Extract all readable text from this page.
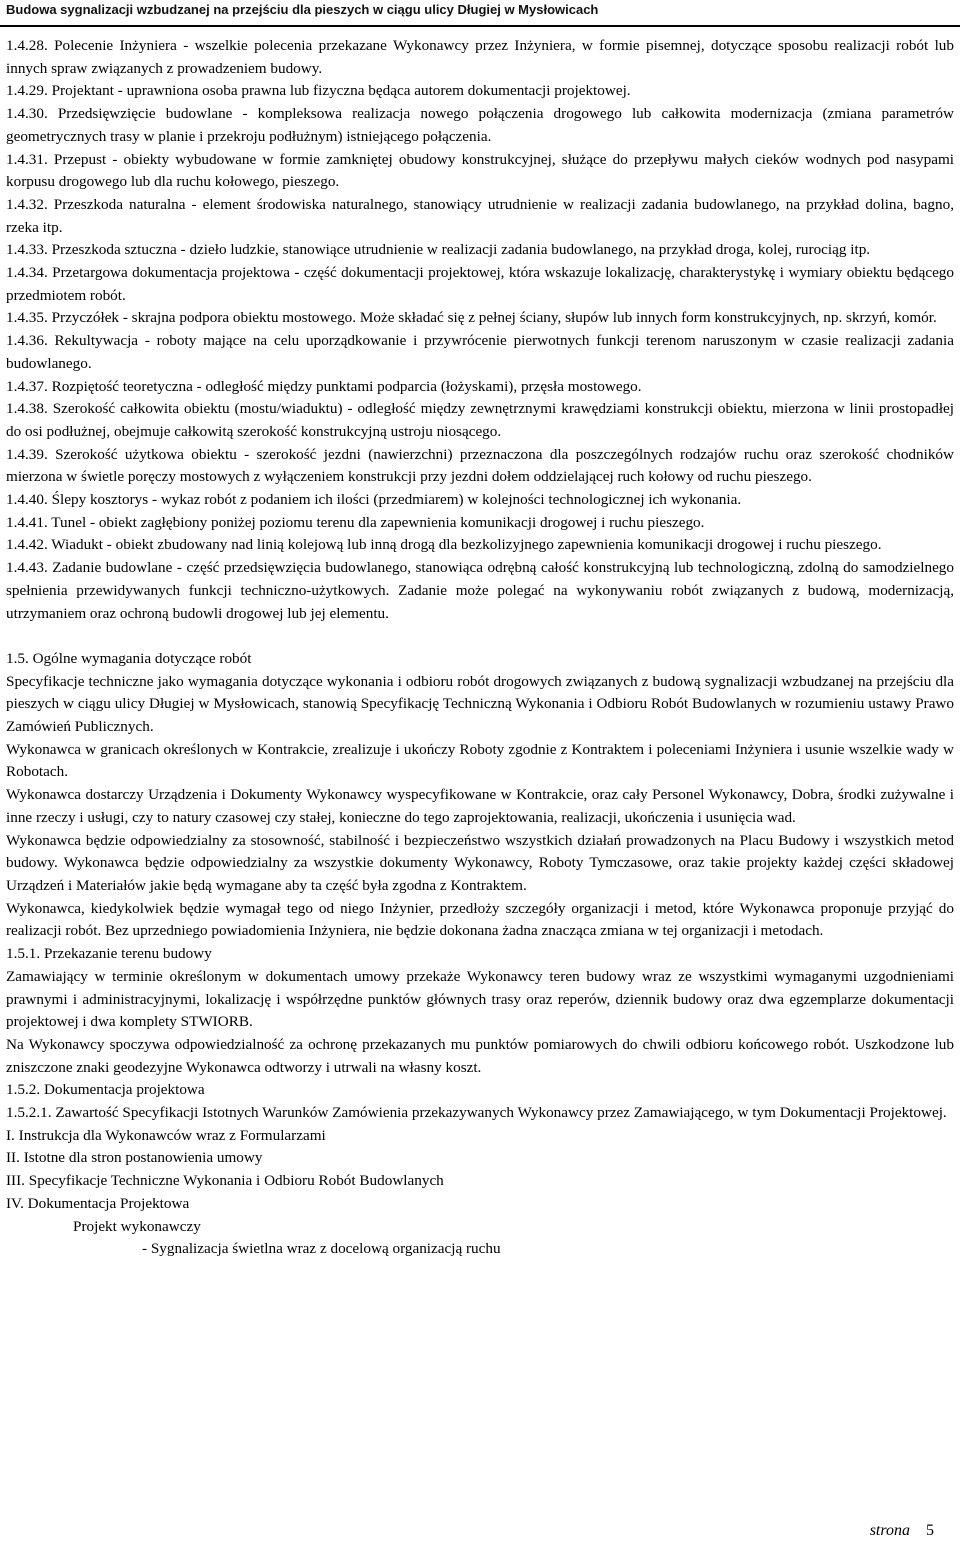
Budowa sygnalizacji wzbudzanej na przejściu dla pieszych w ciągu ulicy Długiej w Mysłowicach

1.4.28. Polecenie Inżyniera - wszelkie polecenia przekazane Wykonawcy przez Inżyniera, w formie pisemnej, dotyczące sposobu realizacji robót lub innych spraw związanych z prowadzeniem budowy.

1.4.29. Projektant - uprawniona osoba prawna lub fizyczna będąca autorem dokumentacji projektowej.

1.4.30. Przedsięwzięcie budowlane - kompleksowa realizacja nowego połączenia drogowego lub całkowita modernizacja (zmiana parametrów geometrycznych trasy w planie i przekroju podłużnym) istniejącego połączenia.

1.4.31. Przepust - obiekty wybudowane w formie zamkniętej obudowy konstrukcyjnej, służące do przepływu małych cieków wodnych pod nasypami korpusu drogowego lub dla ruchu kołowego, pieszego.

1.4.32. Przeszkoda naturalna - element środowiska naturalnego, stanowiący utrudnienie w realizacji zadania budowlanego, na przykład dolina, bagno, rzeka itp.

1.4.33. Przeszkoda sztuczna - dzieło ludzkie, stanowiące utrudnienie w realizacji zadania budowlanego, na przykład droga, kolej, rurociąg itp.

1.4.34. Przetargowa dokumentacja projektowa - część dokumentacji projektowej, która wskazuje lokalizację, charakterystykę i wymiary obiektu będącego przedmiotem robót.

1.4.35. Przyczółek - skrajna podpora obiektu mostowego. Może składać się z pełnej ściany, słupów lub innych form konstrukcyjnych, np. skrzyń, komór.

1.4.36. Rekultywacja - roboty mające na celu uporządkowanie i przywrócenie pierwotnych funkcji terenom naruszonym w czasie realizacji zadania budowlanego.

1.4.37. Rozpiętość teoretyczna - odległość między punktami podparcia (łożyskami), przęsła mostowego.

1.4.38. Szerokość całkowita obiektu (mostu/wiaduktu) - odległość między zewnętrznymi krawędziami konstrukcji obiektu, mierzona w linii prostopadłej do osi podłużnej, obejmuje całkowitą szerokość konstrukcyjną ustroju niosącego.

1.4.39. Szerokość użytkowa obiektu - szerokość jezdni (nawierzchni) przeznaczona dla poszczególnych rodzajów ruchu oraz szerokość chodników mierzona w świetle poręczy mostowych z wyłączeniem konstrukcji przy jezdni dołem oddzielającej ruch kołowy od ruchu pieszego.

1.4.40. Ślepy kosztorys - wykaz robót z podaniem ich ilości (przedmiarem) w kolejności technologicznej ich wykonania.

1.4.41. Tunel - obiekt zagłębiony poniżej poziomu terenu dla zapewnienia komunikacji drogowej i ruchu pieszego.

1.4.42. Wiadukt - obiekt zbudowany nad linią kolejową lub inną drogą dla bezkolizyjnego zapewnienia komunikacji drogowej i ruchu pieszego.

1.4.43. Zadanie budowlane - część przedsięwzięcia budowlanego, stanowiąca odrębną całość konstrukcyjną lub technologiczną, zdolną do samodzielnego spełnienia przewidywanych funkcji techniczno-użytkowych. Zadanie może polegać na wykonywaniu robót związanych z budową, modernizacją, utrzymaniem oraz ochroną budowli drogowej lub jej elementu.

1.5. Ogólne wymagania dotyczące robót

Specyfikacje techniczne jako wymagania dotyczące wykonania i odbioru robót drogowych związanych z budową sygnalizacji wzbudzanej na przejściu dla pieszych w ciągu ulicy Długiej w Mysłowicach, stanowią Specyfikację Techniczną Wykonania i Odbioru Robót Budowlanych w rozumieniu ustawy Prawo Zamówień Publicznych.

Wykonawca w granicach określonych w Kontrakcie, zrealizuje i ukończy Roboty zgodnie z Kontraktem i poleceniami Inżyniera i usunie wszelkie wady w Robotach.

Wykonawca dostarczy Urządzenia i Dokumenty Wykonawcy wyspecyfikowane w Kontrakcie, oraz cały Personel Wykonawcy, Dobra, środki zużywalne i inne rzeczy i usługi, czy to natury czasowej czy stałej, konieczne do tego zaprojektowania, realizacji, ukończenia i usunięcia wad.

Wykonawca będzie odpowiedzialny za stosowność, stabilność i bezpieczeństwo wszystkich działań prowadzonych na Placu Budowy i wszystkich metod budowy. Wykonawca będzie odpowiedzialny za wszystkie dokumenty Wykonawcy, Roboty Tymczasowe, oraz takie projekty każdej części składowej Urządzeń i Materiałów jakie będą wymagane aby ta część była zgodna z Kontraktem.

Wykonawca, kiedykolwiek będzie wymagał tego od niego Inżynier, przedłoży szczegóły organizacji i metod, które Wykonawca proponuje przyjąć do realizacji robót. Bez uprzedniego powiadomienia Inżyniera, nie będzie dokonana żadna znacząca zmiana w tej organizacji i metodach.

1.5.1. Przekazanie terenu budowy

Zamawiający w terminie określonym w dokumentach umowy przekaże Wykonawcy teren budowy wraz ze wszystkimi wymaganymi uzgodnieniami prawnymi i administracyjnymi, lokalizację i współrzędne punktów głównych trasy oraz reperów, dziennik budowy oraz dwa egzemplarze dokumentacji projektowej i dwa komplety STWIORB.

Na Wykonawcy spoczywa odpowiedzialność za ochronę przekazanych mu punktów pomiarowych do chwili odbioru końcowego robót. Uszkodzone lub zniszczone znaki geodezyjne Wykonawca odtworzy i utrwali na własny koszt.

1.5.2. Dokumentacja projektowa

1.5.2.1. Zawartość Specyfikacji Istotnych Warunków Zamówienia przekazywanych Wykonawcy przez Zamawiającego, w tym Dokumentacji Projektowej.

I. Instrukcja dla Wykonawców wraz z Formularzami

II. Istotne dla stron postanowienia umowy

III. Specyfikacje Techniczne Wykonania i Odbioru Robót Budowlanych

IV. Dokumentacja Projektowa

Projekt wykonawczy

- Sygnalizacja świetlna wraz z docelową organizacją ruchu

strona 5
